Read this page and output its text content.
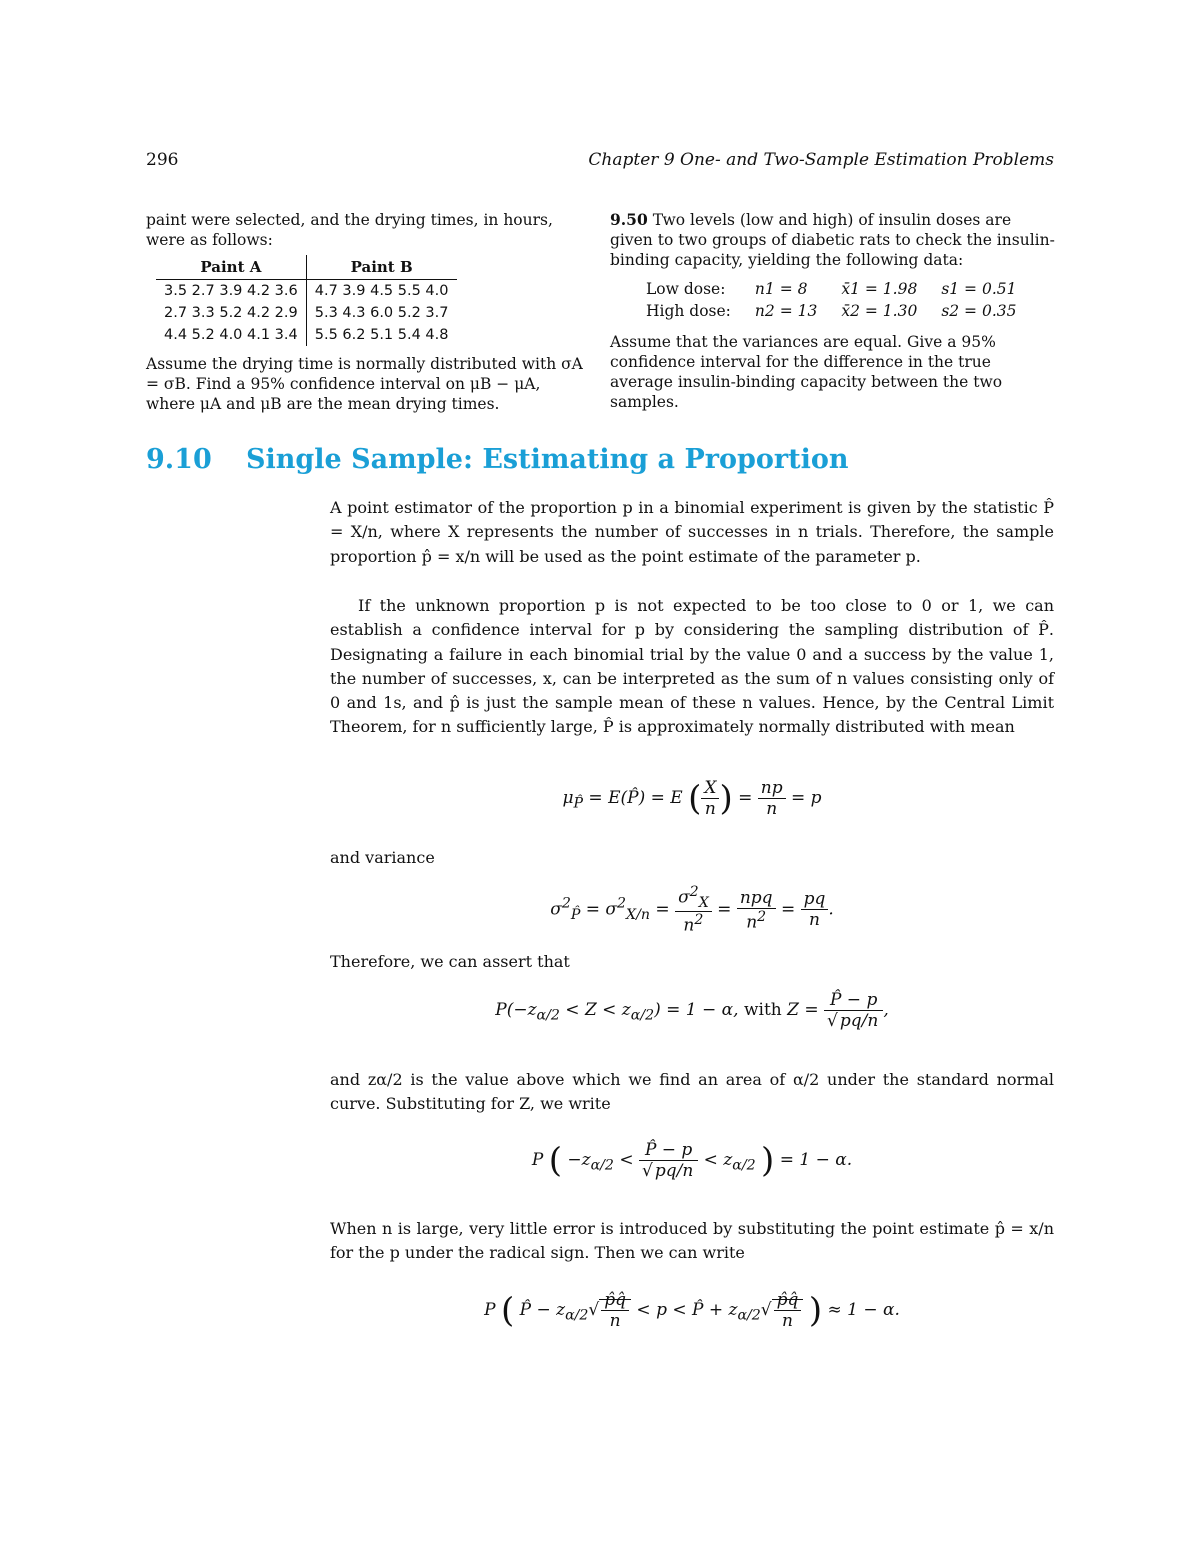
296	Chapter 9 One- and Two-Sample Estimation Problems

paint were selected, and the drying times, in hours, were as follows:

Paint A	Paint B
3.5 2.7 3.9 4.2 3.6	4.7 3.9 4.5 5.5 4.0
2.7 3.3 5.2 4.2 2.9	5.3 4.3 6.0 5.2 3.7
4.4 5.2 4.0 4.1 3.4	5.5 6.2 5.1 5.4 4.8

Assume the drying time is normally distributed with σA = σB. Find a 95% confidence interval on μB − μA, where μA and μB are the mean drying times.

9.50 Two levels (low and high) of insulin doses are given to two groups of diabetic rats to check the insulin-binding capacity, yielding the following data:

Low dose:	n1 = 8	x̄1 = 1.98	s1 = 0.51
High dose:	n2 = 13	x̄2 = 1.30	s2 = 0.35

Assume that the variances are equal. Give a 95% confidence interval for the difference in the true average insulin-binding capacity between the two samples.

9.10 Single Sample: Estimating a Proportion

A point estimator of the proportion p in a binomial experiment is given by the statistic P̂ = X/n, where X represents the number of successes in n trials. Therefore, the sample proportion p̂ = x/n will be used as the point estimate of the parameter p.

If the unknown proportion p is not expected to be too close to 0 or 1, we can establish a confidence interval for p by considering the sampling distribution of P̂. Designating a failure in each binomial trial by the value 0 and a success by the value 1, the number of successes, x, can be interpreted as the sum of n values consisting only of 0 and 1s, and p̂ is just the sample mean of these n values. Hence, by the Central Limit Theorem, for n sufficiently large, P̂ is approximately normally distributed with mean

$\mu_{P̂}$ = E(P̂) = E ( $\frac{X}{n}$ ) = $\frac{np}{n} = p$

and variance

$\sigma^2_{P̂} = \sigma^2_{X/n} = \frac{\sigma^2_X}{n^2} = \frac{\text{npq}}{n^2} = \frac{pq}{n}$ .

Therefore, we can assert that

$P(-z_{\alpha/2} < Z < z_{\alpha/2}) = 1 - \alpha$, with $Z = \frac{P̂ - p}{√ pq/n}$ ,

and zα/2 is the value above which we find an area of α/2 under the standard normal curve. Substituting for Z, we write

P ( $-z_{\alpha/2} < \frac{P̂ - p}{√ pq/n} < z_{\alpha/2}$ ) = 1 − α.

When n is large, very little error is introduced by substituting the point estimate p̂ = x/n for the p under the radical sign. Then we can write

P ( P̂ − $z_{\alpha/2}√ \frac{p̂q̂}{n} < p$ < P̂ + $z_{\alpha/2}√ \frac{p̂q̂}{n}$ ) ≈ 1 − α.
